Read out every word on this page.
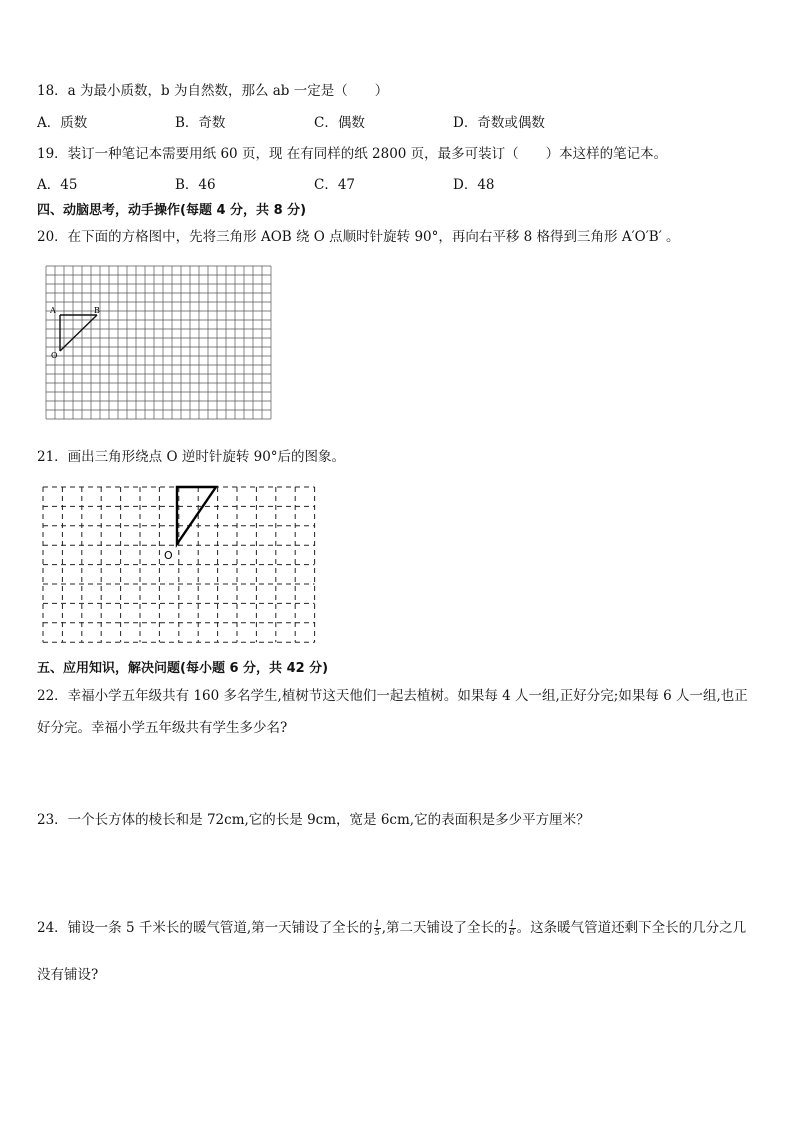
18．a 为最小质数，b 为自然数，那么 ab 一定是（　　）
A．质数	B．奇数	C．偶数	D．奇数或偶数
19．装订一种笔记本需要用纸 60 页，现 在有同样的纸 2800 页，最多可装订（　　）本这样的笔记本。
A．45	B．46	C．47	D．48
四、动脑思考，动手操作(每题 4 分，共 8 分)
20．在下面的方格图中，先将三角形 AOB 绕 O 点顺时针旋转 90°，再向右平移 8 格得到三角形 A′O′B′ 。
A	B
O
21．画出三角形绕点 O 逆时针旋转 90°后的图象。
O
五、应用知识，解决问题(每小题 6 分，共 42 分)
22．幸福小学五年级共有 160 多名学生,植树节这天他们一起去植树。如果每 4 人一组,正好分完;如果每 6 人一组,也正
好分完。幸福小学五年级共有学生多少名?
23．一个长方体的棱长和是 72cm,它的长是 9cm，宽是 6cm,它的表面积是多少平方厘米？
24．铺设一条 5 千米长的暖气管道,第一天铺设了全长的 $\frac{1}{5}$ ,第二天铺设了全长的 $\frac{1}{6}$ 。这条暖气管道还剩下全长的几分之几
没有铺设?
